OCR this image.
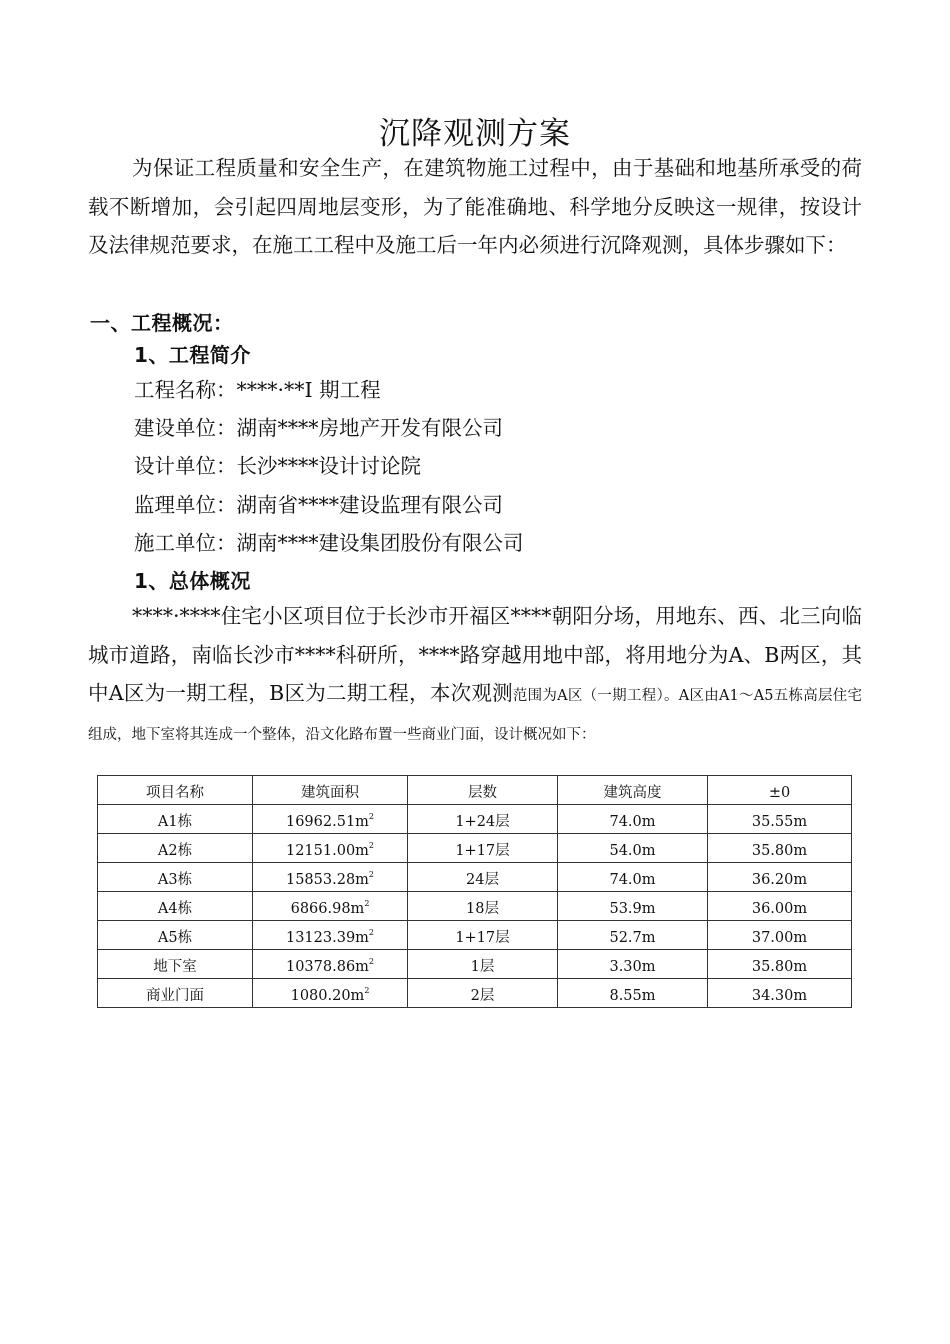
沉降观测方案

为保证工程质量和安全生产，在建筑物施工过程中，由于基础和地基所承受的荷载不断增加，会引起四周地层变形，为了能准确地、科学地分反映这一规律，按设计及法律规范要求，在施工工程中及施工后一年内必须进行沉降观测，具体步骤如下：

一、工程概况：
1、工程简介
工程名称：****·**Ⅰ 期工程
建设单位：湖南****房地产开发有限公司
设计单位：长沙****设计讨论院
监理单位：湖南省****建设监理有限公司
施工单位：湖南****建设集团股份有限公司
1、总体概况

****·****住宅小区项目位于长沙市开福区****朝阳分场，用地东、西、北三向临城市道路，南临长沙市****科研所，****路穿越用地中部，将用地分为A、B两区，其中A区为一期工程，B区为二期工程，本次观测范围为A区（一期工程）。A区由A1～A5五栋高层住宅组成，地下室将其连成一个整体，沿文化路布置一些商业门面，设计概况如下：

项目名称	建筑面积	层数	建筑高度	±0
A1栋	$16962.51m^2$	1+24层	74.0m	35.55m
A2栋	$12151.00m^2$	1+17层	54.0m	35.80m
A3栋	$15853.28m^2$	24层	74.0m	36.20m
A4栋	$6866.98m^2$	18层	53.9m	36.00m
A5栋	$13123.39m^2$	1+17层	52.7m	37.00m
地下室	$10378.86m^2$	1层	3.30m	35.80m
商业门面	$1080.20m^2$	2层	8.55m	34.30m
